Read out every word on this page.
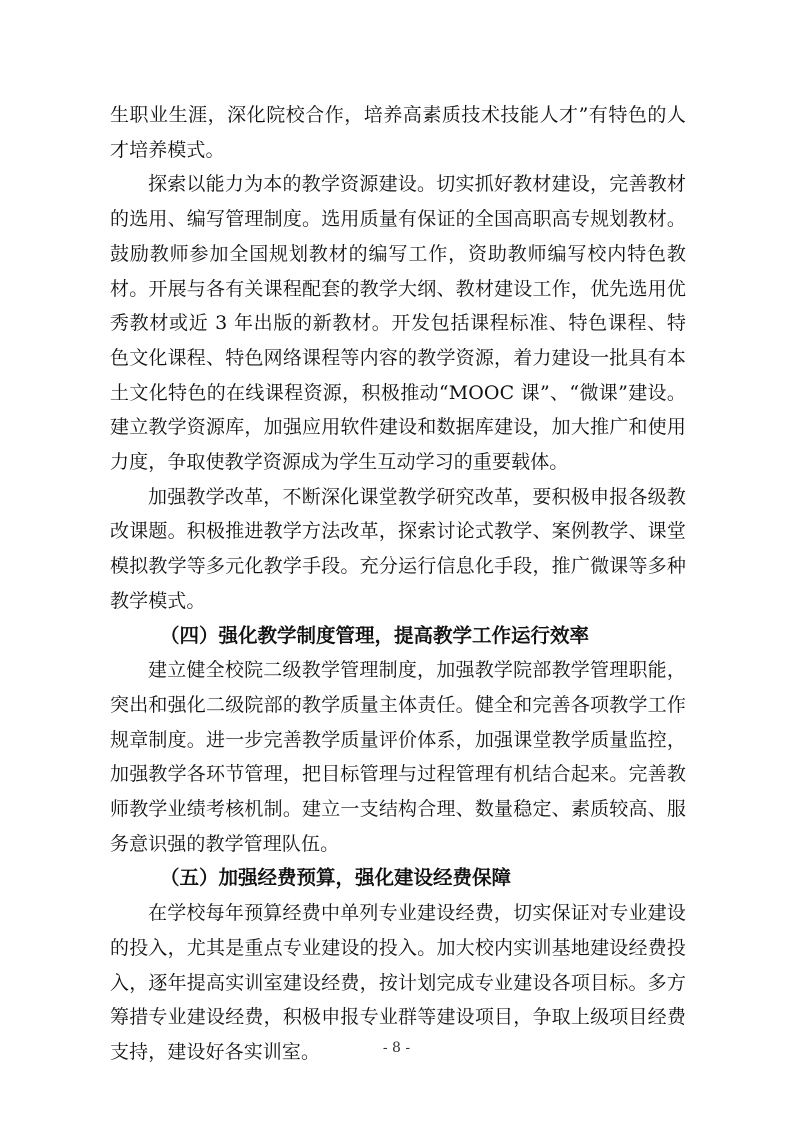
生职业生涯，深化院校合作，培养高素质技术技能人才”有特色的人才培养模式。

探索以能力为本的教学资源建设。切实抓好教材建设，完善教材的选用、编写管理制度。选用质量有保证的全国高职高专规划教材。鼓励教师参加全国规划教材的编写工作，资助教师编写校内特色教材。开展与各有关课程配套的教学大纲、教材建设工作，优先选用优秀教材或近 3 年出版的新教材。开发包括课程标准、特色课程、特色文化课程、特色网络课程等内容的教学资源，着力建设一批具有本土文化特色的在线课程资源，积极推动“MOOC 课”、“微课”建设。建立教学资源库，加强应用软件建设和数据库建设，加大推广和使用力度，争取使教学资源成为学生互动学习的重要载体。

加强教学改革，不断深化课堂教学研究改革，要积极申报各级教改课题。积极推进教学方法改革，探索讨论式教学、案例教学、课堂模拟教学等多元化教学手段。充分运行信息化手段，推广微课等多种教学模式。

（四）强化教学制度管理，提高教学工作运行效率

建立健全校院二级教学管理制度，加强教学院部教学管理职能，突出和强化二级院部的教学质量主体责任。健全和完善各项教学工作规章制度。进一步完善教学质量评价体系，加强课堂教学质量监控，加强教学各环节管理，把目标管理与过程管理有机结合起来。完善教师教学业绩考核机制。建立一支结构合理、数量稳定、素质较高、服务意识强的教学管理队伍。

（五）加强经费预算，强化建设经费保障

在学校每年预算经费中单列专业建设经费，切实保证对专业建设的投入，尤其是重点专业建设的投入。加大校内实训基地建设经费投入，逐年提高实训室建设经费，按计划完成专业建设各项目标。多方筹措专业建设经费，积极申报专业群等建设项目，争取上级项目经费支持，建设好各实训室。	- 8 -
